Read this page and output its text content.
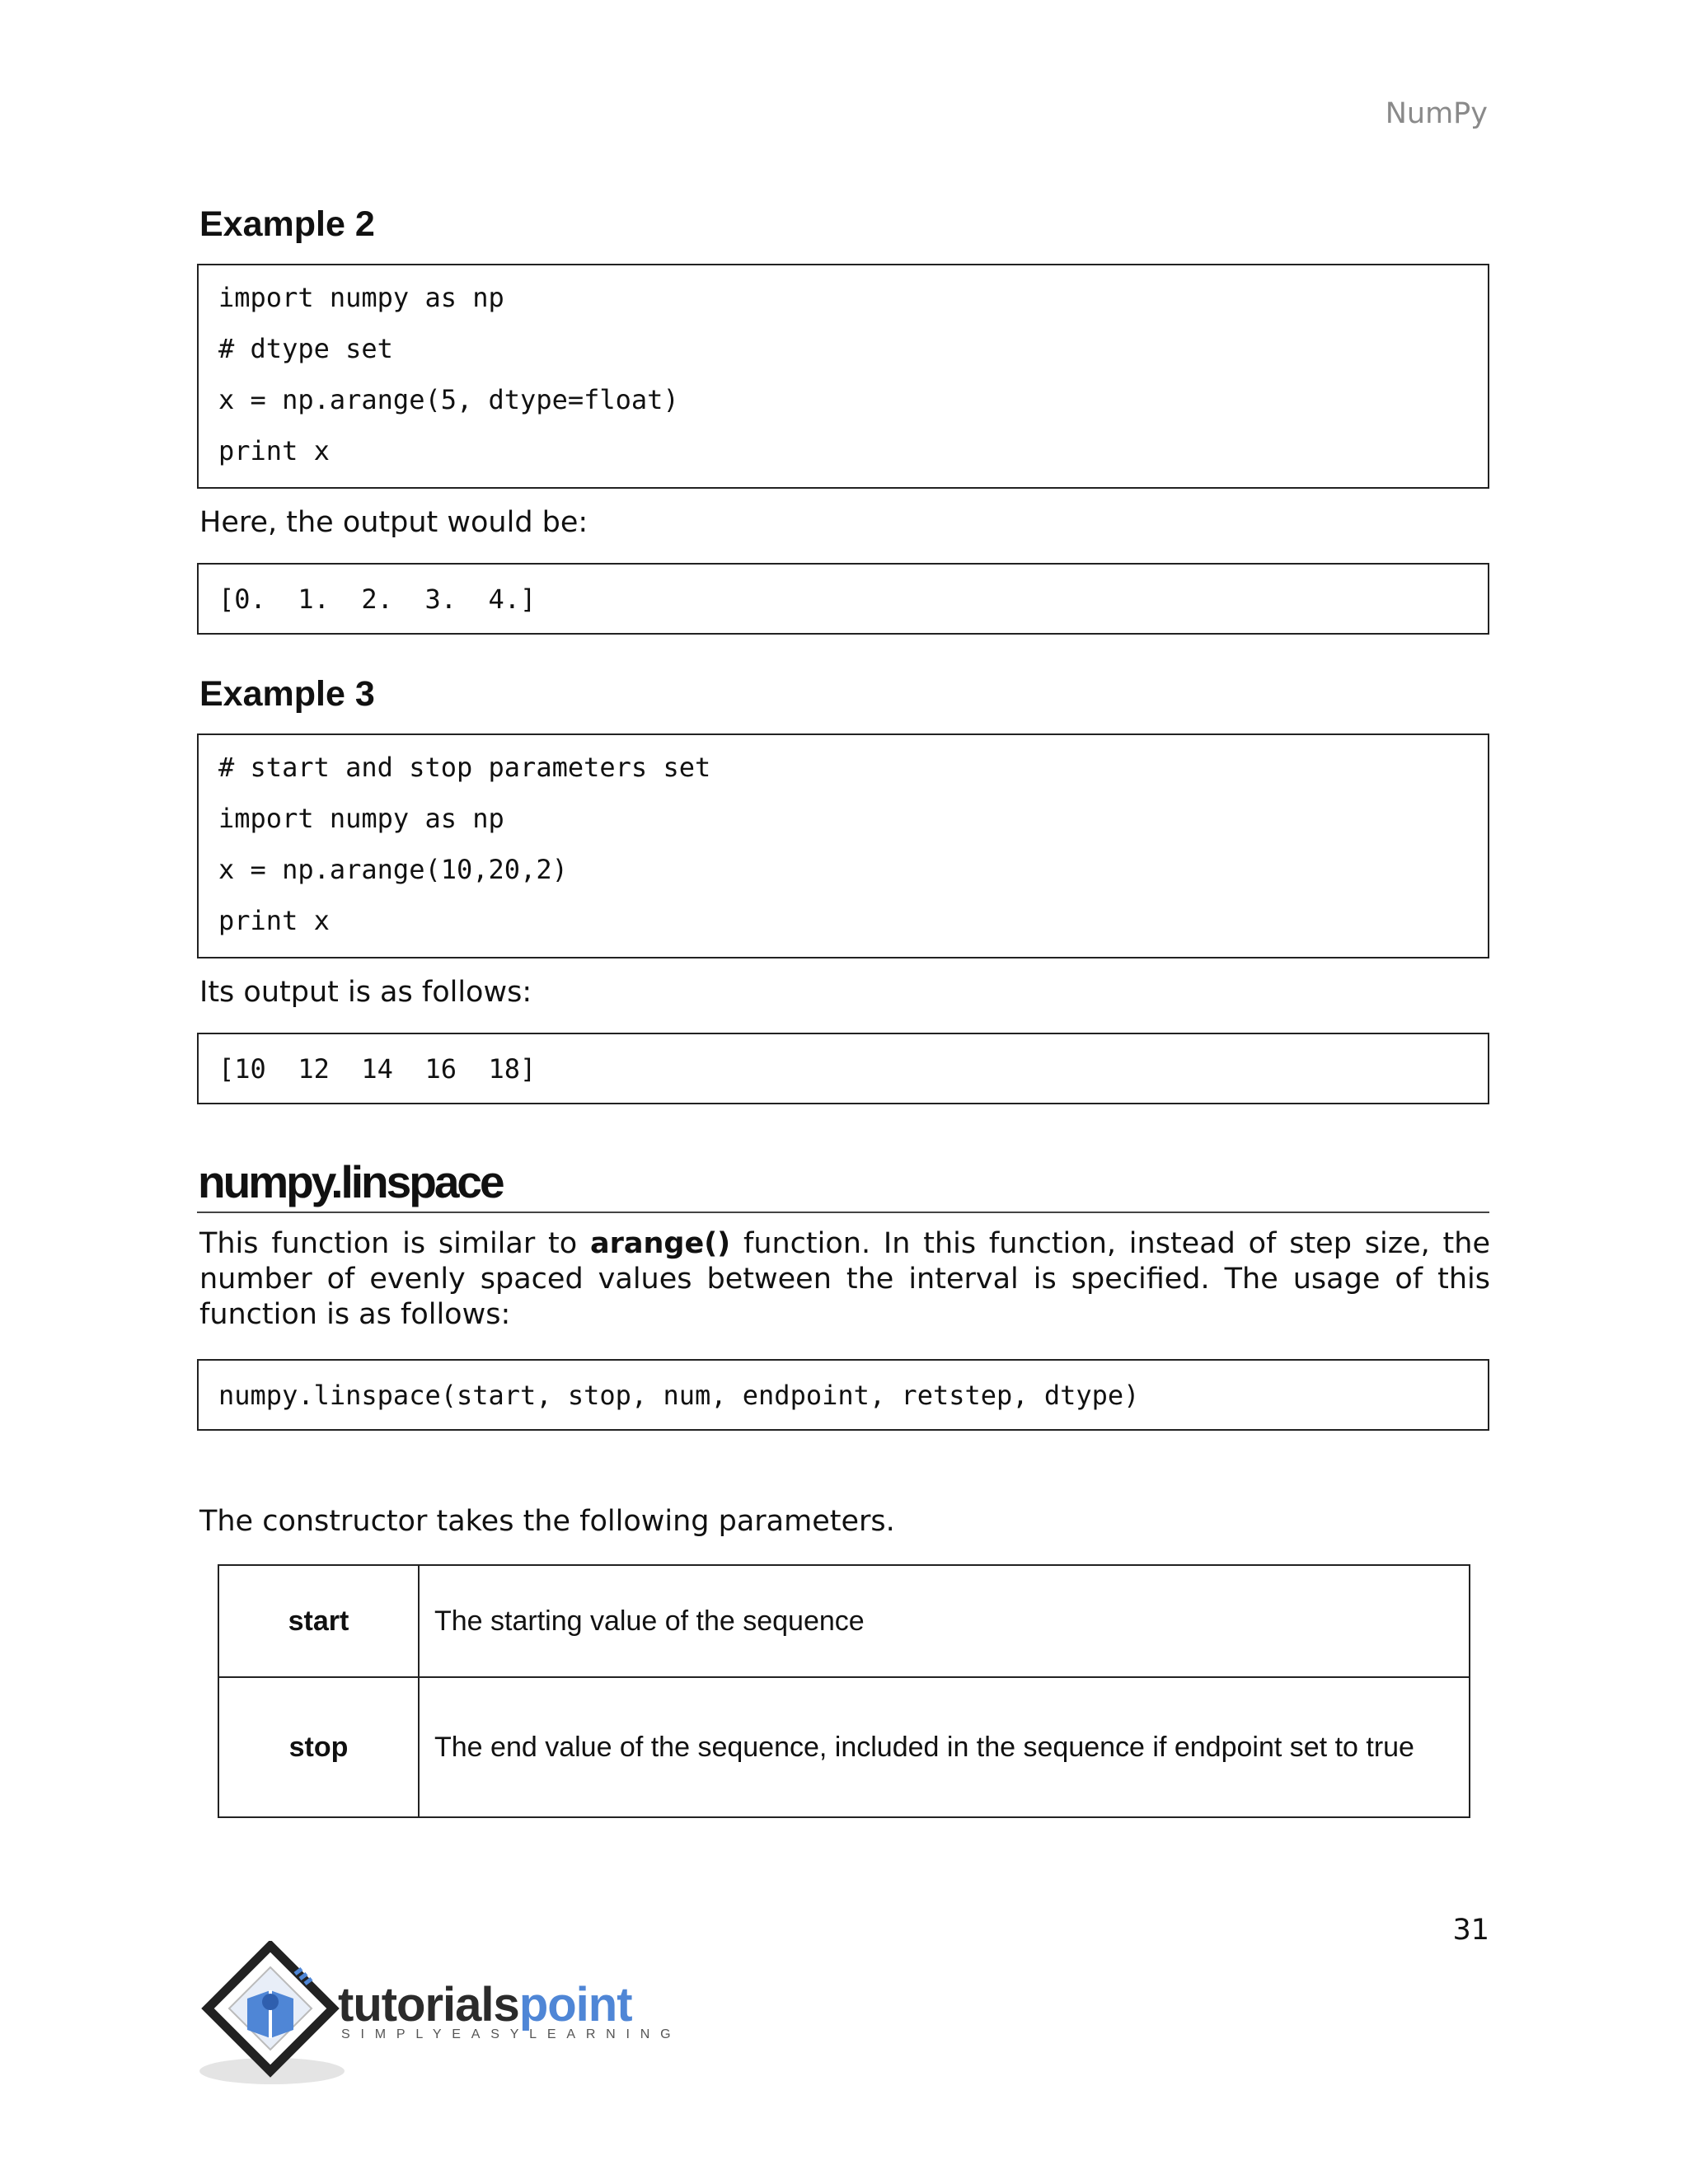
NumPy
Example 2
import numpy as np
# dtype set
x = np.arange(5, dtype=float)
print x
Here, the output would be:
[0.  1.  2.  3.  4.]
Example 3
# start and stop parameters set
import numpy as np
x = np.arange(10,20,2)
print x
Its output is as follows:
[10  12  14  16  18]
numpy.linspace
This function is similar to arange() function. In this function, instead of step size, the number of evenly spaced values between the interval is specified. The usage of this function is as follows:
numpy.linspace(start, stop, num, endpoint, retstep, dtype)
The constructor takes the following parameters.
start	The starting value of the sequence
stop	The end value of the sequence, included in the sequence if endpoint set to true
31
tutorialspoint
SIMPLYEASYLEARNING
